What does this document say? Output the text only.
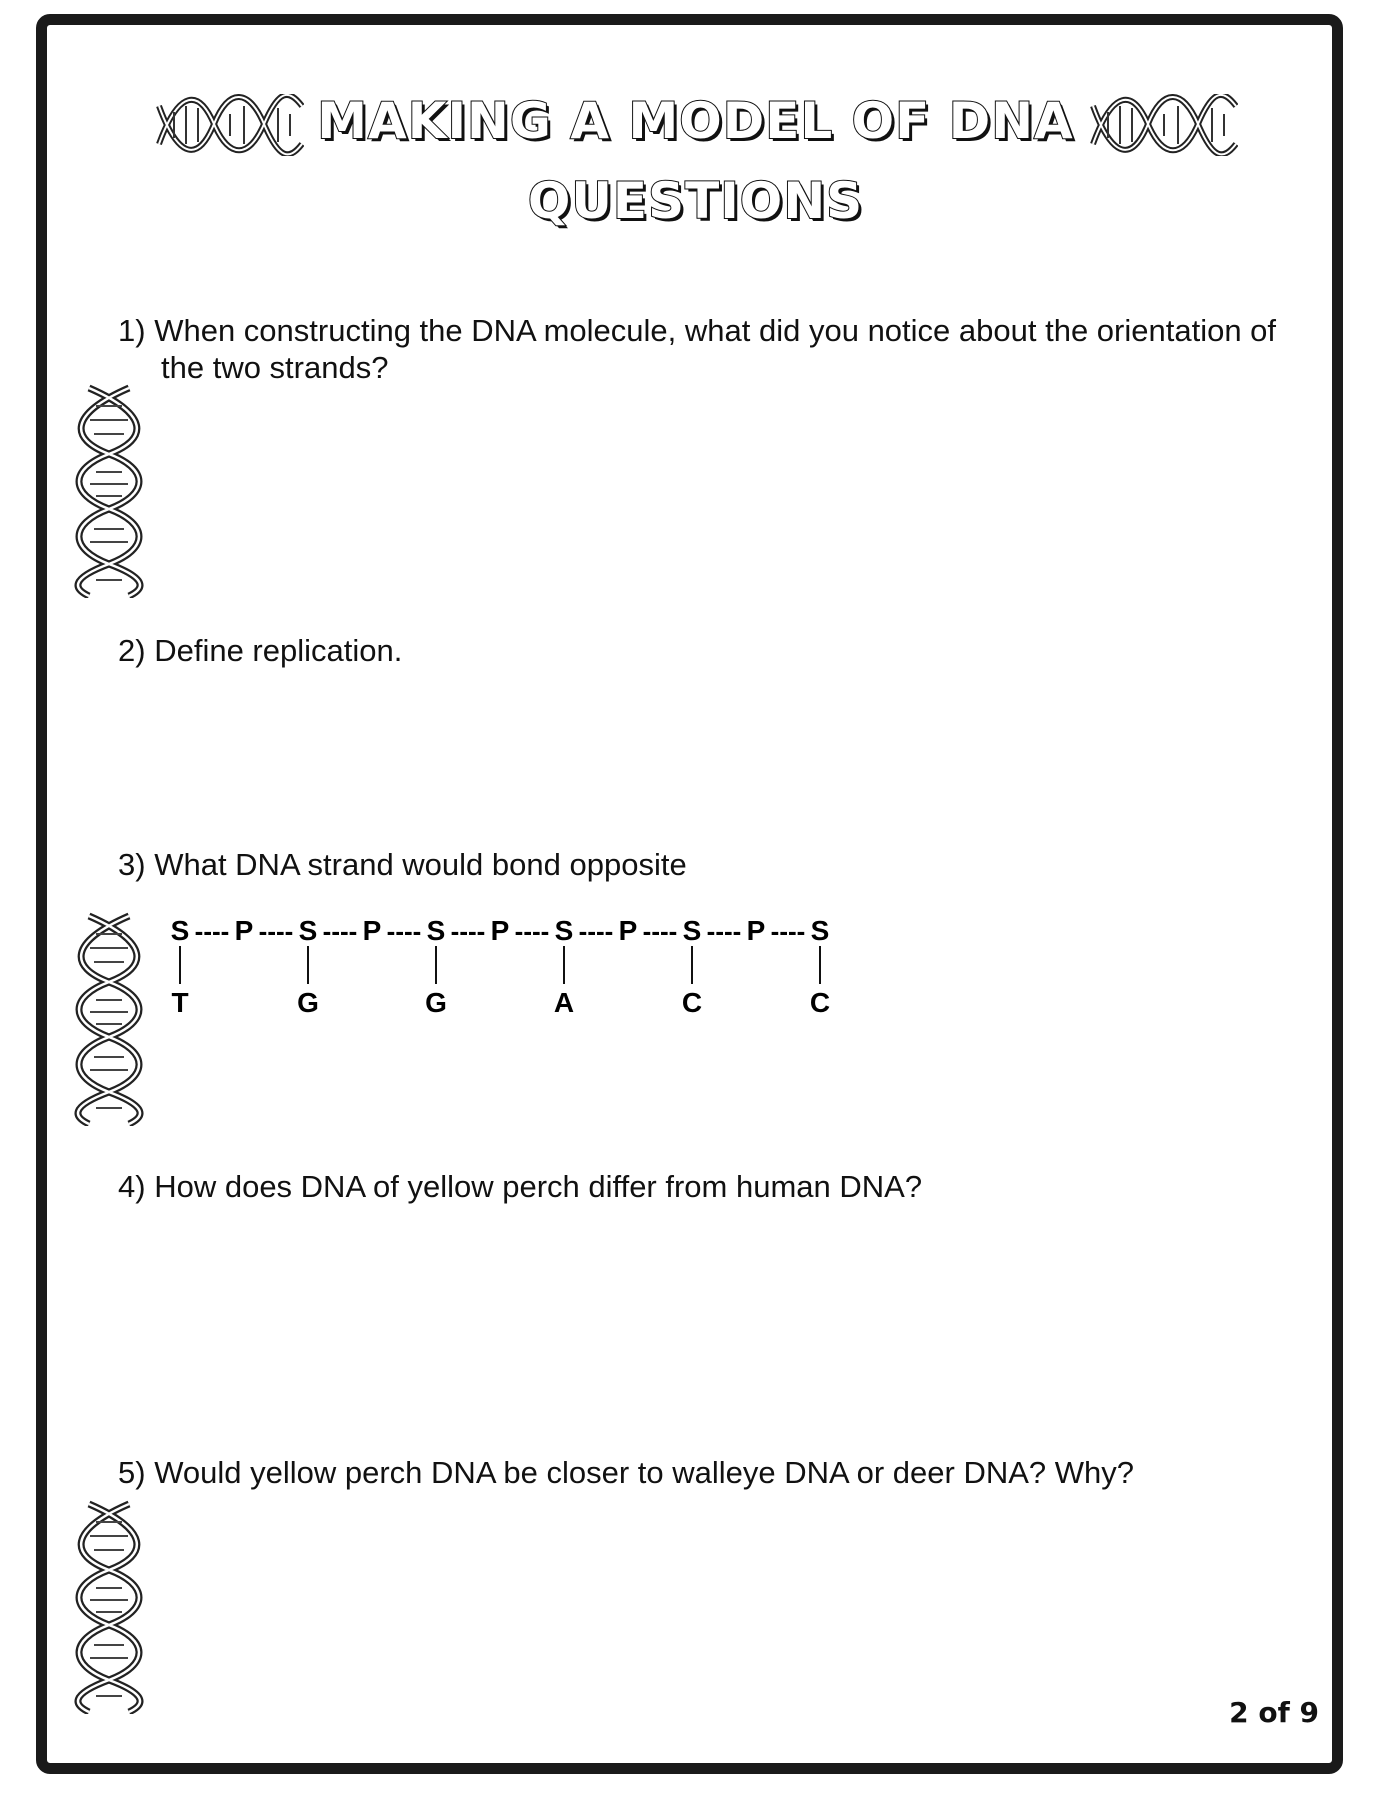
MAKING A MODEL OF DNA
QUESTIONS
1) When constructing the DNA molecule, what did you notice about the orientation of
the two strands?
2) Define replication.
3) What DNA strand would bond opposite
S ----
T
P ---- S ----
G
P ---- S ----
G
P ---- S ----
A
P ---- S ----
C
P ---- S
C
4) How does DNA of yellow perch differ from human DNA?
5) Would yellow perch DNA be closer to walleye DNA or deer DNA? Why?
2 of 9
